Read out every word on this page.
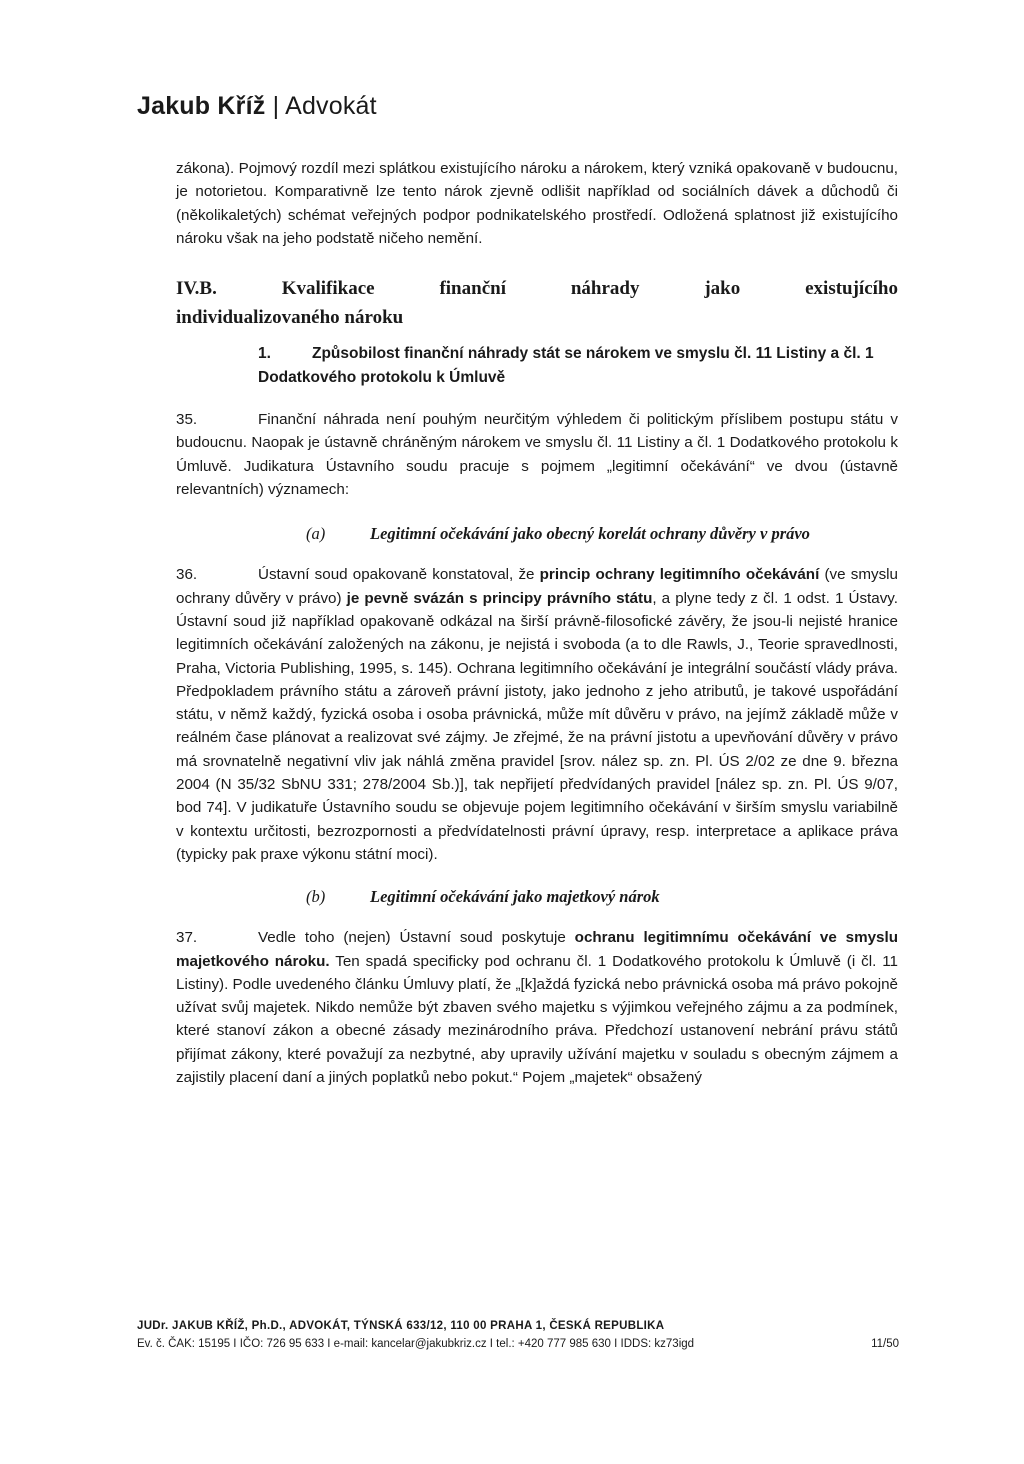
Jakub Kříž | Advokát

zákona). Pojmový rozdíl mezi splátkou existujícího nároku a nárokem, který vzniká opakovaně v budoucnu, je notorietou. Komparativně lze tento nárok zjevně odlišit například od sociálních dávek a důchodů či (několikaletých) schémat veřejných podpor podnikatelského prostředí. Odložená splatnost již existujícího nároku však na jeho podstatě ničeho nemění.

IV.B.	Kvalifikace	finanční	náhrady	jako	existujícího
individualizovaného nároku

1.	Způsobilost finanční náhrady stát se nárokem ve smyslu čl. 11 Listiny a čl. 1 Dodatkového protokolu k Úmluvě

35.	Finanční náhrada není pouhým neurčitým výhledem či politickým příslibem postupu státu v budoucnu. Naopak je ústavně chráněným nárokem ve smyslu čl. 11 Listiny a čl. 1 Dodatkového protokolu k Úmluvě. Judikatura Ústavního soudu pracuje s pojmem „legitimní očekávání“ ve dvou (ústavně relevantních) významech:

(a)	Legitimní očekávání jako obecný korelát ochrany důvěry v právo

36.	Ústavní soud opakovaně konstatoval, že princip ochrany legitimního očekávání (ve smyslu ochrany důvěry v právo) je pevně svázán s principy právního státu, a plyne tedy z čl. 1 odst. 1 Ústavy. Ústavní soud již například opakovaně odkázal na širší právně-filosofické závěry, že jsou-li nejisté hranice legitimních očekávání založených na zákonu, je nejistá i svoboda (a to dle Rawls, J., Teorie spravedlnosti, Praha, Victoria Publishing, 1995, s. 145). Ochrana legitimního očekávání je integrální součástí vlády práva. Předpokladem právního státu a zároveň právní jistoty, jako jednoho z jeho atributů, je takové uspořádání státu, v němž každý, fyzická osoba i osoba právnická, může mít důvěru v právo, na jejímž základě může v reálném čase plánovat a realizovat své zájmy. Je zřejmé, že na právní jistotu a upevňování důvěry v právo má srovnatelně negativní vliv jak náhlá změna pravidel [srov. nález sp. zn. Pl. ÚS 2/02 ze dne 9. března 2004 (N 35/32 SbNU 331; 278/2004 Sb.)], tak nepřijetí předvídaných pravidel [nález sp. zn. Pl. ÚS 9/07, bod 74]. V judikatuře Ústavního soudu se objevuje pojem legitimního očekávání v širším smyslu variabilně v kontextu určitosti, bezrozpornosti a předvídatelnosti právní úpravy, resp. interpretace a aplikace práva (typicky pak praxe výkonu státní moci).

(b)	Legitimní očekávání jako majetkový nárok

37.	Vedle toho (nejen) Ústavní soud poskytuje ochranu legitimnímu očekávání ve smyslu majetkového nároku. Ten spadá specificky pod ochranu čl. 1 Dodatkového protokolu k Úmluvě (i čl. 11 Listiny). Podle uvedeného článku Úmluvy platí, že „[k]aždá fyzická nebo právnická osoba má právo pokojně užívat svůj majetek. Nikdo nemůže být zbaven svého majetku s výjimkou veřejného zájmu a za podmínek, které stanoví zákon a obecné zásady mezinárodního práva. Předchozí ustanovení nebrání právu států přijímat zákony, které považují za nezbytné, aby upravily užívání majetku v souladu s obecným zájmem a zajistily placení daní a jiných poplatků nebo pokut.“ Pojem „majetek“ obsažený

JUDr. JAKUB KŘÍŽ, Ph.D., ADVOKÁT, TÝNSKÁ 633/12, 110 00 PRAHA 1, ČESKÁ REPUBLIKA
Ev. č. ČAK: 15195 I IČO: 726 95 633 I e-mail: kancelar@jakubkriz.cz I tel.: +420 777 985 630 I IDDS: kz73igd	11/50
